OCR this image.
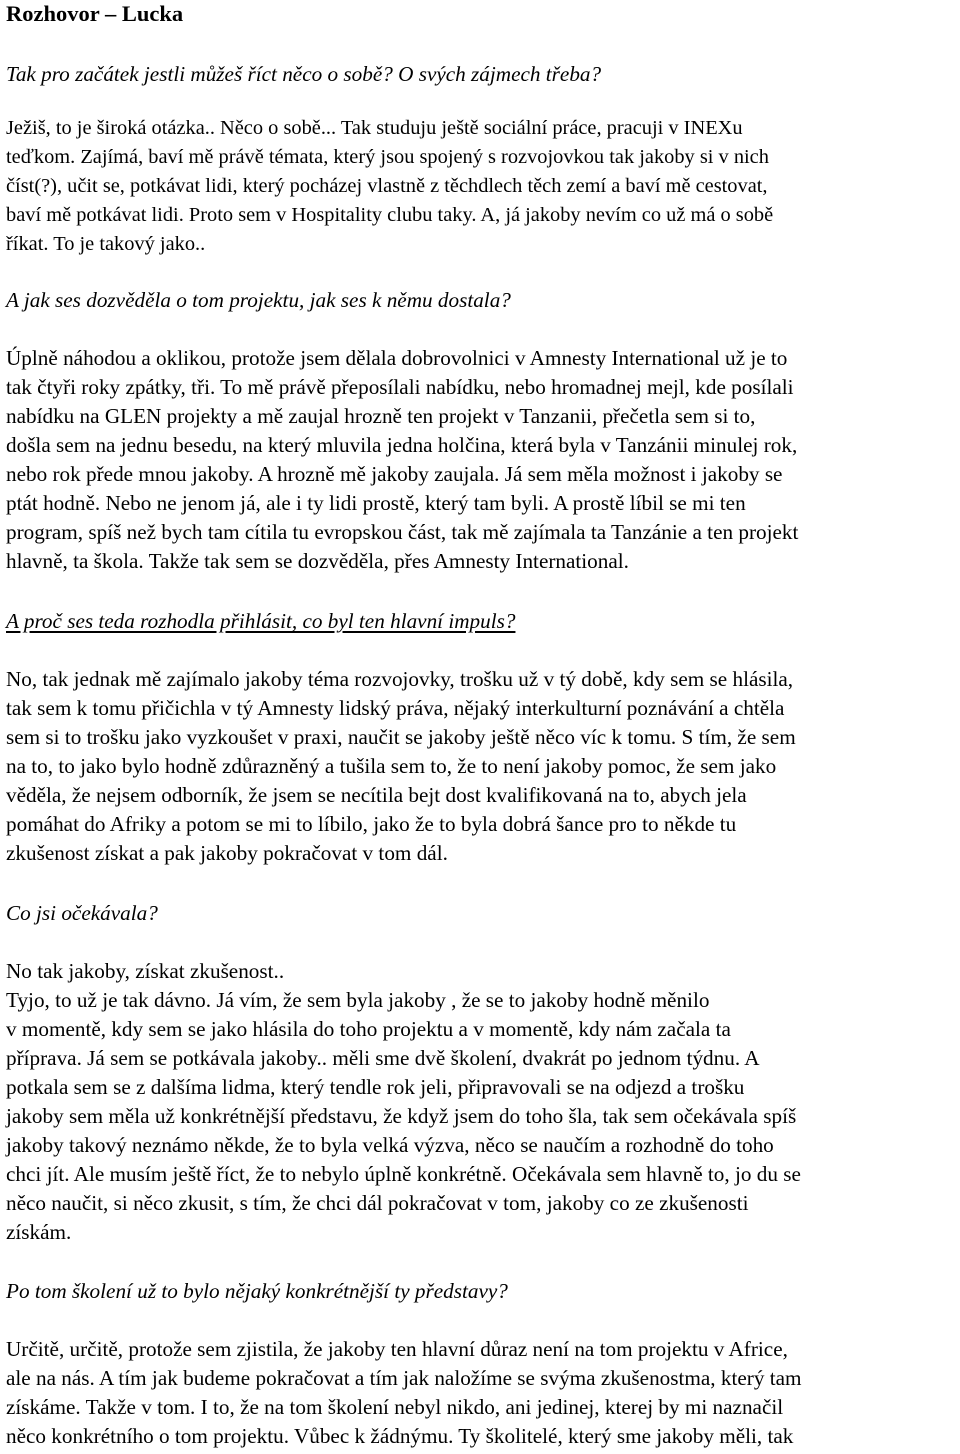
Rozhovor – Lucka

Tak pro začátek jestli můžeš říct něco o sobě? O svých zájmech třeba?

Ježiš, to je široká otázka.. Něco o sobě... Tak studuju ještě sociální práce, pracuji v INEXu
teďkom. Zajímá, baví mě právě témata, který jsou spojený s rozvojovkou tak jakoby si v nich
číst(?), učit se, potkávat lidi, který pocházej vlastně z těchdlech těch zemí a baví mě cestovat,
baví mě potkávat lidi. Proto sem v Hospitality clubu taky. A, já jakoby nevím co už má o sobě
říkat. To je takový jako..

A jak ses dozvěděla o tom projektu, jak ses k němu dostala?

Úplně náhodou a oklikou, protože jsem dělala dobrovolnici v Amnesty International už je to
tak čtyři roky zpátky, tři. To mě právě přeposílali nabídku, nebo hromadnej mejl, kde posílali
nabídku na GLEN projekty a mě zaujal hrozně ten projekt v Tanzanii, přečetla sem si to,
došla sem na jednu besedu, na který mluvila jedna holčina, která byla v Tanzánii minulej rok,
nebo rok přede mnou jakoby. A hrozně mě jakoby zaujala. Já sem měla možnost i jakoby se
ptát hodně. Nebo ne jenom já, ale i ty lidi prostě, který tam byli. A prostě líbil se mi ten
program, spíš než bych tam cítila tu evropskou část, tak mě zajímala ta Tanzánie a ten projekt
hlavně, ta škola. Takže tak sem se dozvěděla, přes Amnesty International.

A proč ses teda rozhodla přihlásit, co byl ten hlavní impuls?

No, tak jednak mě zajímalo jakoby téma rozvojovky, trošku už v tý době, kdy sem se hlásila,
tak sem k tomu přičichla v tý Amnesty lidský práva, nějaký interkulturní poznávání a chtěla
sem si to trošku jako vyzkoušet v praxi, naučit se jakoby ještě něco víc k tomu. S tím, že sem
na to, to jako bylo hodně zdůrazněný a tušila sem to, že to není jakoby pomoc, že sem jako
věděla, že nejsem odborník, že jsem se necítila bejt dost kvalifikovaná na to, abych jela
pomáhat do Afriky a potom se mi to líbilo, jako že to byla dobrá šance pro to někde tu
zkušenost získat a pak jakoby pokračovat v tom dál.

Co jsi očekávala?

No tak jakoby, získat zkušenost..

Tyjo, to už je tak dávno. Já vím, že sem byla jakoby , že se to jakoby hodně měnilo
v momentě, kdy sem se jako hlásila do toho projektu a v momentě, kdy nám začala ta
příprava. Já sem se potkávala jakoby.. měli sme dvě školení, dvakrát po jednom týdnu. A
potkala sem se z dalšíma lidma, který tendle rok jeli, připravovali se na odjezd a trošku
jakoby sem měla už konkrétnější představu, že když jsem do toho šla, tak sem očekávala spíš
jakoby takový neznámo někde, že to byla velká výzva, něco se naučím a rozhodně do toho
chci jít. Ale musím ještě říct, že to nebylo úplně konkrétně. Očekávala sem hlavně to, jo du se
něco naučit, si něco zkusit, s tím, že chci dál pokračovat v tom, jakoby co ze zkušenosti
získám.

Po tom školení už to bylo nějaký konkrétnější ty představy?

Určitě, určitě, protože sem zjistila, že jakoby ten hlavní důraz není na tom projektu v Africe,
ale na nás. A tím jak budeme pokračovat a tím jak naložíme se svýma zkušenostma, který tam
získáme. Takže v tom. I to, že na tom školení nebyl nikdo, ani jedinej, kterej by mi naznačil
něco konkrétního o tom projektu. Vůbec k žádnýmu. Ty školitelé, který sme jakoby měli, tak
